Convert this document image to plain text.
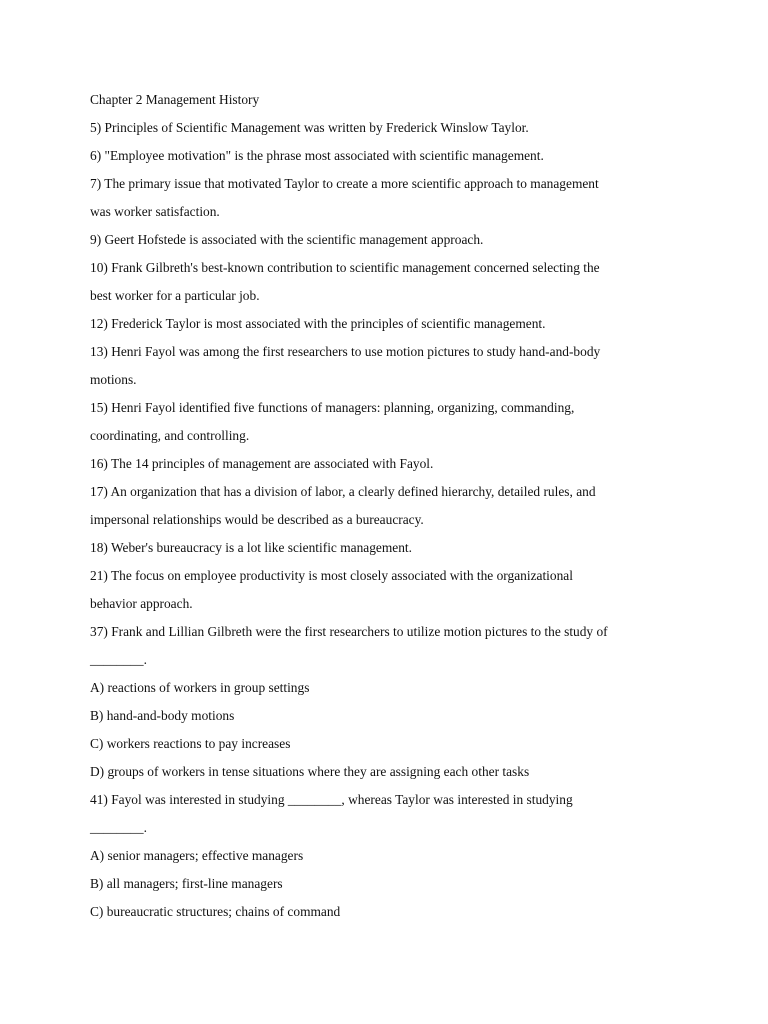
Chapter 2 Management History
5) Principles of Scientific Management was written by Frederick Winslow Taylor.
6) "Employee motivation" is the phrase most associated with scientific management.
7) The primary issue that motivated Taylor to create a more scientific approach to management
was worker satisfaction.
9) Geert Hofstede is associated with the scientific management approach.
10) Frank Gilbreth's best-known contribution to scientific management concerned selecting the
best worker for a particular job.
12) Frederick Taylor is most associated with the principles of scientific management.
13) Henri Fayol was among the first researchers to use motion pictures to study hand-and-body
motions.
15) Henri Fayol identified five functions of managers: planning, organizing, commanding,
coordinating, and controlling.
16) The 14 principles of management are associated with Fayol.
17) An organization that has a division of labor, a clearly defined hierarchy, detailed rules, and
impersonal relationships would be described as a bureaucracy.
18) Weber's bureaucracy is a lot like scientific management.
21) The focus on employee productivity is most closely associated with the organizational
behavior approach.
37) Frank and Lillian Gilbreth were the first researchers to utilize motion pictures to the study of
________.
A) reactions of workers in group settings
B) hand-and-body motions
C) workers reactions to pay increases
D) groups of workers in tense situations where they are assigning each other tasks
41) Fayol was interested in studying ________, whereas Taylor was interested in studying
________.
A) senior managers; effective managers
B) all managers; first-line managers
C) bureaucratic structures; chains of command
